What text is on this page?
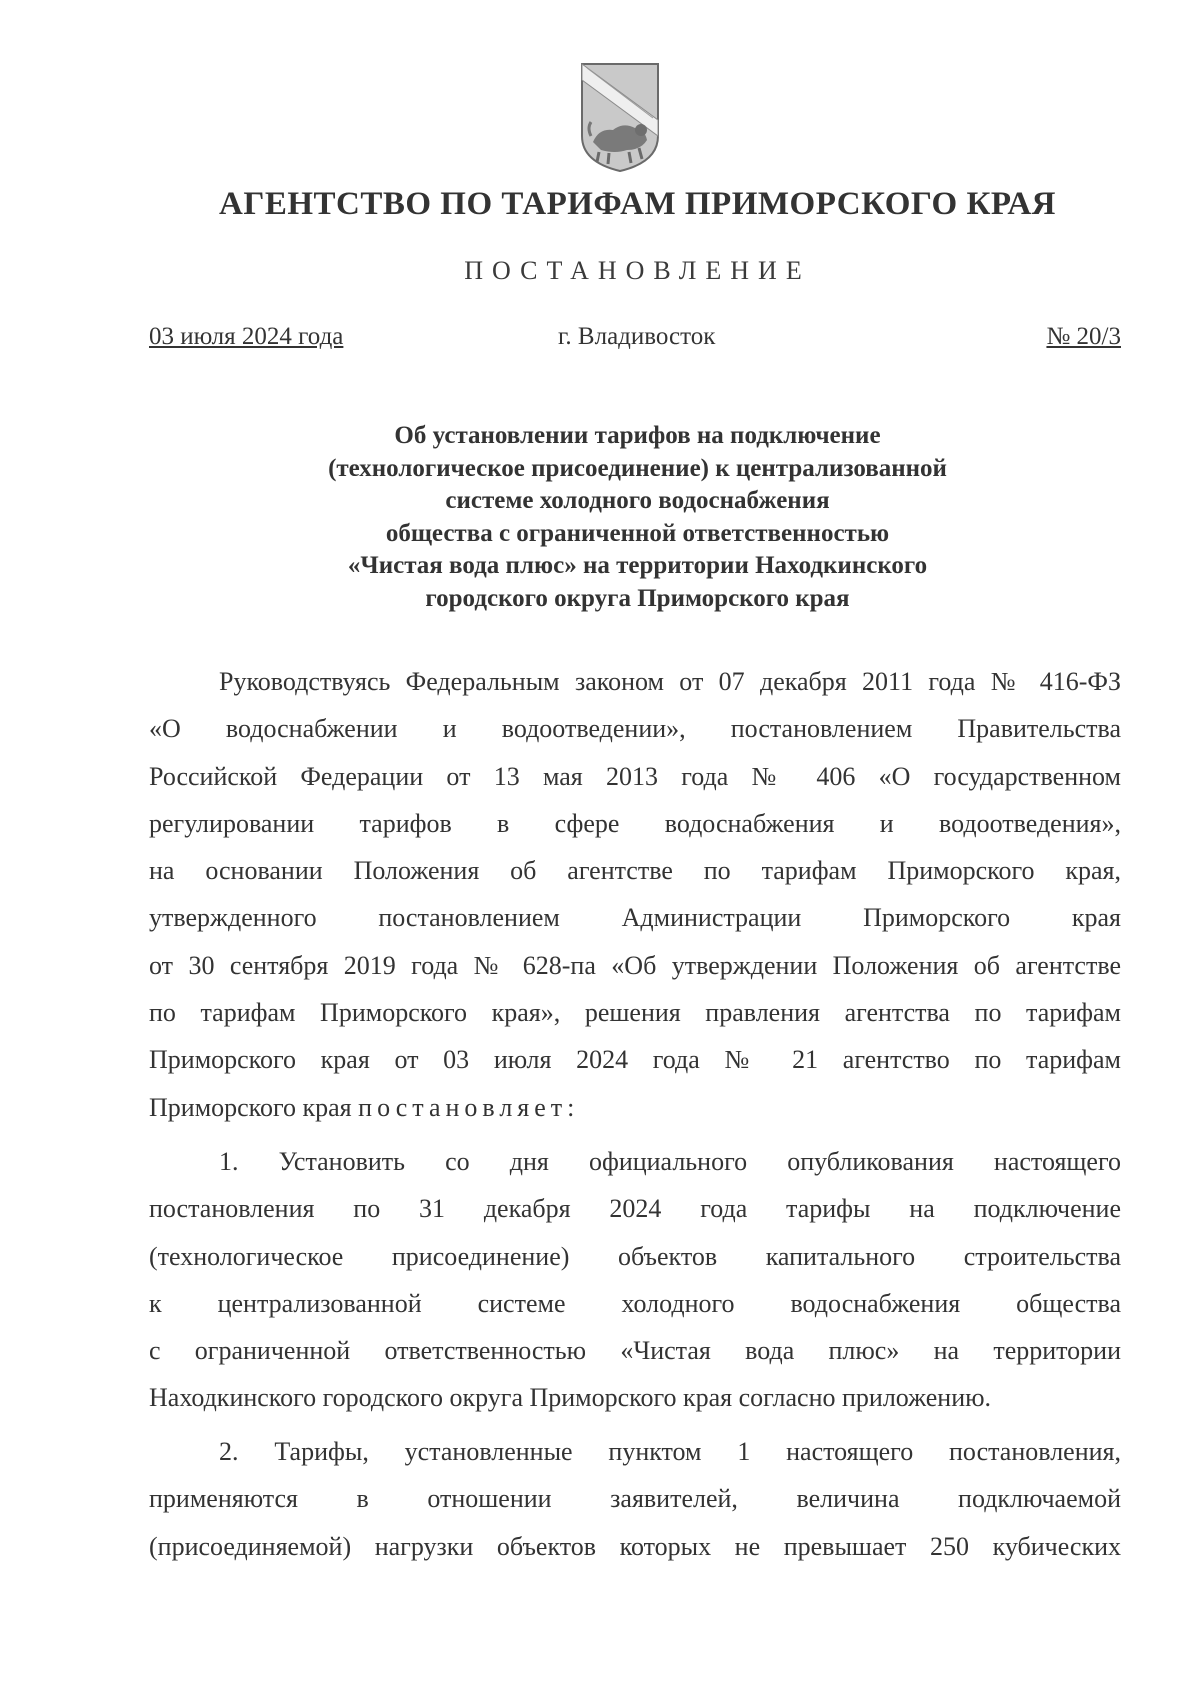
АГЕНТСТВО ПО ТАРИФАМ ПРИМОРСКОГО КРАЯ
ПОСТАНОВЛЕНИЕ
03 июля 2024 года	г. Владивосток	№ 20/3
Об установлении тарифов на подключение
(технологическое присоединение) к централизованной
системе холодного водоснабжения
общества с ограниченной ответственностью
«Чистая вода плюс» на территории Находкинского
городского округа Приморского края
Руководствуясь Федеральным законом от 07 декабря 2011 года № 416-ФЗ
«О водоснабжении и водоотведении», постановлением Правительства
Российской Федерации от 13 мая 2013 года № 406 «О государственном
регулировании тарифов в сфере водоснабжения и водоотведения»,
на основании Положения об агентстве по тарифам Приморского края,
утвержденного постановлением Администрации Приморского края
от 30 сентября 2019 года № 628-па «Об утверждении Положения об агентстве
по тарифам Приморского края», решения правления агентства по тарифам
Приморского края от 03 июля 2024 года № 21 агентство по тарифам
Приморского края постановляет:
1. Установить со дня официального опубликования настоящего
постановления по 31 декабря 2024 года тарифы на подключение
(технологическое присоединение) объектов капитального строительства
к централизованной системе холодного водоснабжения общества
с ограниченной ответственностью «Чистая вода плюс» на территории
Находкинского городского округа Приморского края согласно приложению.
2. Тарифы, установленные пунктом 1 настоящего постановления,
применяются в отношении заявителей, величина подключаемой
(присоединяемой) нагрузки объектов которых не превышает 250 кубических
